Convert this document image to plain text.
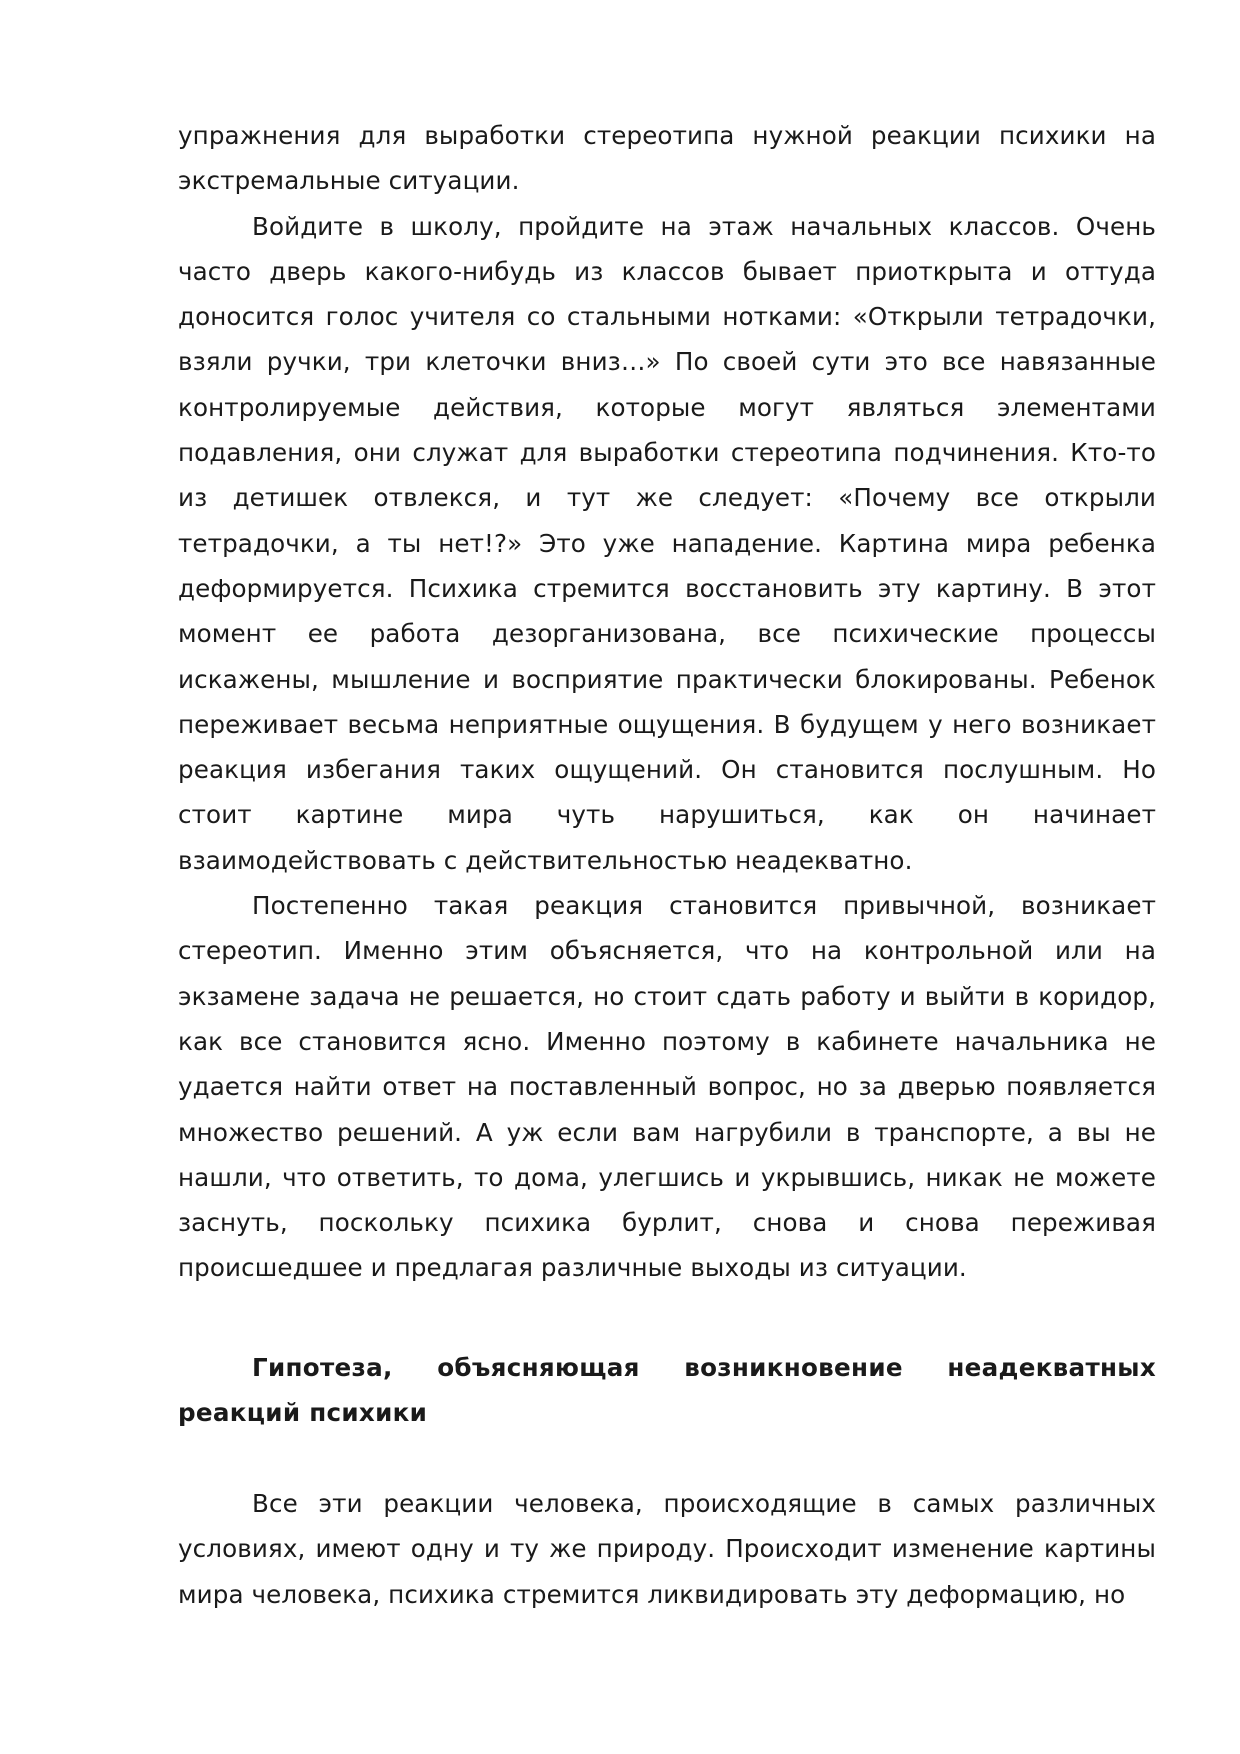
упражнения для выработки стереотипа нужной реакции психики на экстремальные ситуации.

Войдите в школу, пройдите на этаж начальных классов. Очень часто дверь какого-нибудь из классов бывает приоткрыта и оттуда доносится голос учителя со стальными нотками: «Открыли тетрадочки, взяли ручки, три клеточки вниз…» По своей сути это все навязанные контролируемые действия, которые могут являться элементами подавления, они служат для выработки стереотипа подчинения. Кто-то из детишек отвлекся, и тут же следует: «Почему все открыли тетрадочки, а ты нет!?» Это уже нападение. Картина мира ребенка деформируется. Психика стремится восстановить эту картину. В этот момент ее работа дезорганизована, все психические процессы искажены, мышление и восприятие практически блокированы. Ребенок переживает весьма неприятные ощущения. В будущем у него возникает реакция избегания таких ощущений. Он становится послушным. Но стоит картине мира чуть нарушиться, как он начинает взаимодействовать с действительностью неадекватно.

Постепенно такая реакция становится привычной, возникает стереотип. Именно этим объясняется, что на контрольной или на экзамене задача не решается, но стоит сдать работу и выйти в коридор, как все становится ясно. Именно поэтому в кабинете начальника не удается найти ответ на поставленный вопрос, но за дверью появляется множество решений. А уж если вам нагрубили в транспорте, а вы не нашли, что ответить, то дома, улегшись и укрывшись, никак не можете заснуть, поскольку психика бурлит, снова и снова переживая происшедшее и предлагая различные выходы из ситуации.

Гипотеза, объясняющая возникновение неадекватных реакций психики

Все эти реакции человека, происходящие в самых различных условиях, имеют одну и ту же природу. Происходит изменение картины мира человека, психика стремится ликвидировать эту деформацию, но
